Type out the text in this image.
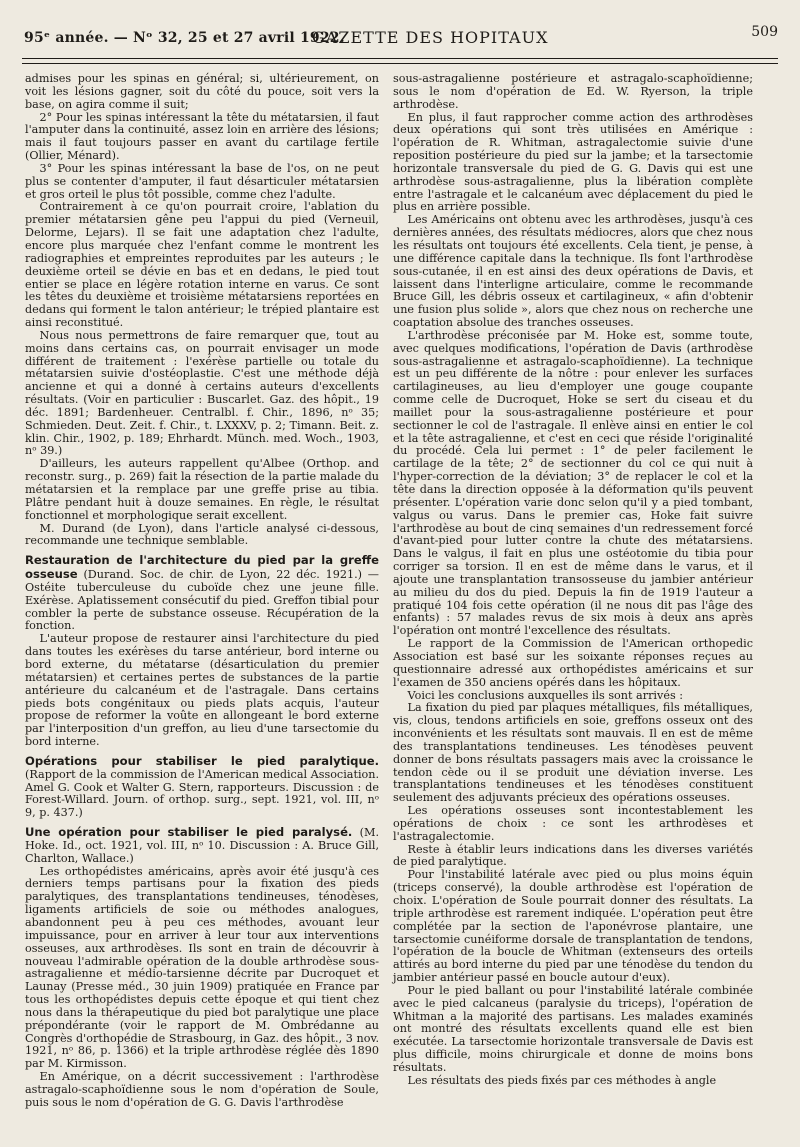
95ᵉ année. — Nᵒ 32, 25 et 27 avril 1922.
GAZETTE DES HOPITAUX	509

admises pour les spinas en général; si, ultérieurement, on voit les lésions gagner, soit du côté du pouce, soit vers la base, on agira comme il suit;

2° Pour les spinas intéressant la tête du métatarsien, il faut l'amputer dans la continuité, assez loin en arrière des lésions; mais il faut toujours passer en avant du cartilage fertile (Ollier, Ménard).

3° Pour les spinas intéressant la base de l'os, on ne peut plus se contenter d'amputer, il faut désarticuler métatarsien et gros orteil le plus tôt possible, comme chez l'adulte.

Contrairement à ce qu'on pourrait croire, l'ablation du premier métatarsien gêne peu l'appui du pied (Verneuil, Delorme, Lejars). Il se fait une adaptation chez l'adulte, encore plus marquée chez l'enfant comme le montrent les radiographies et empreintes reproduites par les auteurs ; le deuxième orteil se dévie en bas et en dedans, le pied tout entier se place en légère rotation interne en varus. Ce sont les têtes du deuxième et troisième métatarsiens reportées en dedans qui forment le talon antérieur; le trépied plantaire est ainsi reconstitué.

Nous nous permettrons de faire remarquer que, tout au moins dans certains cas, on pourrait envisager un mode différent de traitement : l'exérèse partielle ou totale du métatarsien suivie d'ostéoplastie. C'est une méthode déjà ancienne et qui a donné à certains auteurs d'excellents résultats. (Voir en particulier : Buscarlet. Gaz. des hôpit., 19 déc. 1891; Bardenheuer. Centralbl. f. Chir., 1896, nᵒ 35; Schmieden. Deut. Zeit. f. Chir., t. LXXXV, p. 2; Timann. Beit. z. klin. Chir., 1902, p. 189; Ehrhardt. Münch. med. Woch., 1903, nᵒ 39.)

D'ailleurs, les auteurs rappellent qu'Albee (Orthop. and reconstr. surg., p. 269) fait la résection de la partie malade du métatarsien et la remplace par une greffe prise au tibia. Plâtre pendant huit à douze semaines. En règle, le résultat fonctionnel et morphologique serait excellent.

M. Durand (de Lyon), dans l'article analysé ci-dessous, recommande une technique semblable.

Restauration de l'architecture du pied par la greffe osseuse (Durand. Soc. de chir. de Lyon, 22 déc. 1921.) — Ostéite tuberculeuse du cuboïde chez une jeune fille. Exérèse. Aplatissement consécutif du pied. Greffon tibial pour combler la perte de substance osseuse. Récupération de la fonction.

L'auteur propose de restaurer ainsi l'architecture du pied dans toutes les exérèses du tarse antérieur, bord interne ou bord externe, du métatarse (désarticulation du premier métatarsien) et certaines pertes de substances de la partie antérieure du calcanéum et de l'astragale. Dans certains pieds bots congénitaux ou pieds plats acquis, l'auteur propose de reformer la voûte en allongeant le bord externe par l'interposition d'un greffon, au lieu d'une tarsectomie du bord interne.

Opérations pour stabiliser le pied paralytique. (Rapport de la commission de l'American medical Association. Amel G. Cook et Walter G. Stern, rapporteurs. Discussion : de Forest-Willard. Journ. of orthop. surg., sept. 1921, vol. III, nᵒ 9, p. 437.)

Une opération pour stabiliser le pied paralysé. (M. Hoke. Id., oct. 1921, vol. III, nᵒ 10. Discussion : A. Bruce Gill, Charlton, Wallace.)

Les orthopédistes américains, après avoir été jusqu'à ces derniers temps partisans pour la fixation des pieds paralytiques, des transplantations tendineuses, ténodèses, ligaments artificiels de soie ou méthodes analogues, abandonnent peu à peu ces méthodes, avouant leur impuissance, pour en arriver à leur tour aux interventions osseuses, aux arthrodèses. Ils sont en train de découvrir à nouveau l'admirable opération de la double arthrodèse sous-astragalienne et médio-tarsienne décrite par Ducroquet et Launay (Presse méd., 30 juin 1909) pratiquée en France par tous les orthopédistes depuis cette époque et qui tient chez nous dans la thérapeutique du pied bot paralytique une place prépondérante (voir le rapport de M. Ombrédanne au Congrès d'orthopédie de Strasbourg, in Gaz. des hôpit., 3 nov. 1921, nᵒ 86, p. 1366) et la triple arthrodèse réglée dès 1890 par M. Kirmisson.

En Amérique, on a décrit successivement : l'arthrodèse astragalo-scaphoïdienne sous le nom d'opération de Soule, puis sous le nom d'opération de G. G. Davis l'arthrodèse

sous-astragalienne postérieure et astragalo-scaphoïdienne; sous le nom d'opération de Ed. W. Ryerson, la triple arthrodèse.

En plus, il faut rapprocher comme action des arthrodèses deux opérations qui sont très utilisées en Amérique : l'opération de R. Whitman, astragalectomie suivie d'une reposition postérieure du pied sur la jambe; et la tarsectomie horizontale transversale du pied de G. G. Davis qui est une arthrodèse sous-astragalienne, plus la libération complète entre l'astragale et le calcanéum avec déplacement du pied le plus en arrière possible.

Les Américains ont obtenu avec les arthrodèses, jusqu'à ces dernières années, des résultats médiocres, alors que chez nous les résultats ont toujours été excellents. Cela tient, je pense, à une différence capitale dans la technique. Ils font l'arthrodèse sous-cutanée, il en est ainsi des deux opérations de Davis, et laissent dans l'interligne articulaire, comme le recommande Bruce Gill, les débris osseux et cartilagineux, « afin d'obtenir une fusion plus solide », alors que chez nous on recherche une coaptation absolue des tranches osseuses.

L'arthrodèse préconisée par M. Hoke est, somme toute, avec quelques modifications, l'opération de Davis (arthrodèse sous-astragalienne et astragalo-scaphoïdienne). La technique est un peu différente de la nôtre : pour enlever les surfaces cartilagineuses, au lieu d'employer une gouge coupante comme celle de Ducroquet, Hoke se sert du ciseau et du maillet pour la sous-astragalienne postérieure et pour sectionner le col de l'astragale. Il enlève ainsi en entier le col et la tête astragalienne, et c'est en ceci que réside l'originalité du procédé. Cela lui permet : 1° de peler facilement le cartilage de la tête; 2° de sectionner du col ce qui nuit à l'hyper-correction de la déviation; 3° de replacer le col et la tête dans la direction opposée à la déformation qu'ils peuvent présenter. L'opération varie donc selon qu'il y a pied tombant, valgus ou varus. Dans le premier cas, Hoke fait suivre l'arthrodèse au bout de cinq semaines d'un redressement forcé d'avant-pied pour lutter contre la chute des métatarsiens. Dans le valgus, il fait en plus une ostéotomie du tibia pour corriger sa torsion. Il en est de même dans le varus, et il ajoute une transplantation transosseuse du jambier antérieur au milieu du dos du pied. Depuis la fin de 1919 l'auteur a pratiqué 104 fois cette opération (il ne nous dit pas l'âge des enfants) : 57 malades revus de six mois à deux ans après l'opération ont montré l'excellence des résultats.

Le rapport de la Commission de l'American orthopedic Association est basé sur les soixante réponses reçues au questionnaire adressé aux orthopédistes américains et sur l'examen de 350 anciens opérés dans les hôpitaux.

Voici les conclusions auxquelles ils sont arrivés :

La fixation du pied par plaques métalliques, fils métalliques, vis, clous, tendons artificiels en soie, greffons osseux ont des inconvénients et les résultats sont mauvais. Il en est de même des transplantations tendineuses. Les ténodèses peuvent donner de bons résultats passagers mais avec la croissance le tendon cède ou il se produit une déviation inverse. Les transplantations tendineuses et les ténodèses constituent seulement des adjuvants précieux des opérations osseuses.

Les opérations osseuses sont incontestablement les opérations de choix : ce sont les arthrodèses et l'astragalectomie.

Reste à établir leurs indications dans les diverses variétés de pied paralytique.

Pour l'instabilité latérale avec pied ou plus moins équin (triceps conservé), la double arthrodèse est l'opération de choix. L'opération de Soule pourrait donner des résultats. La triple arthrodèse est rarement indiquée. L'opération peut être complétée par la section de l'aponévrose plantaire, une tarsectomie cunéiforme dorsale de transplantation de tendons, l'opération de la boucle de Whitman (extenseurs des orteils attirés au bord interne du pied par une ténodèse du tendon du jambier antérieur passé en boucle autour d'eux).

Pour le pied ballant ou pour l'instabilité latérale combinée avec le pied calcaneus (paralysie du triceps), l'opération de Whitman a la majorité des partisans. Les malades examinés ont montré des résultats excellents quand elle est bien exécutée. La tarsectomie horizontale transversale de Davis est plus difficile, moins chirurgicale et donne de moins bons résultats.

Les résultats des pieds fixés par ces méthodes à angle
